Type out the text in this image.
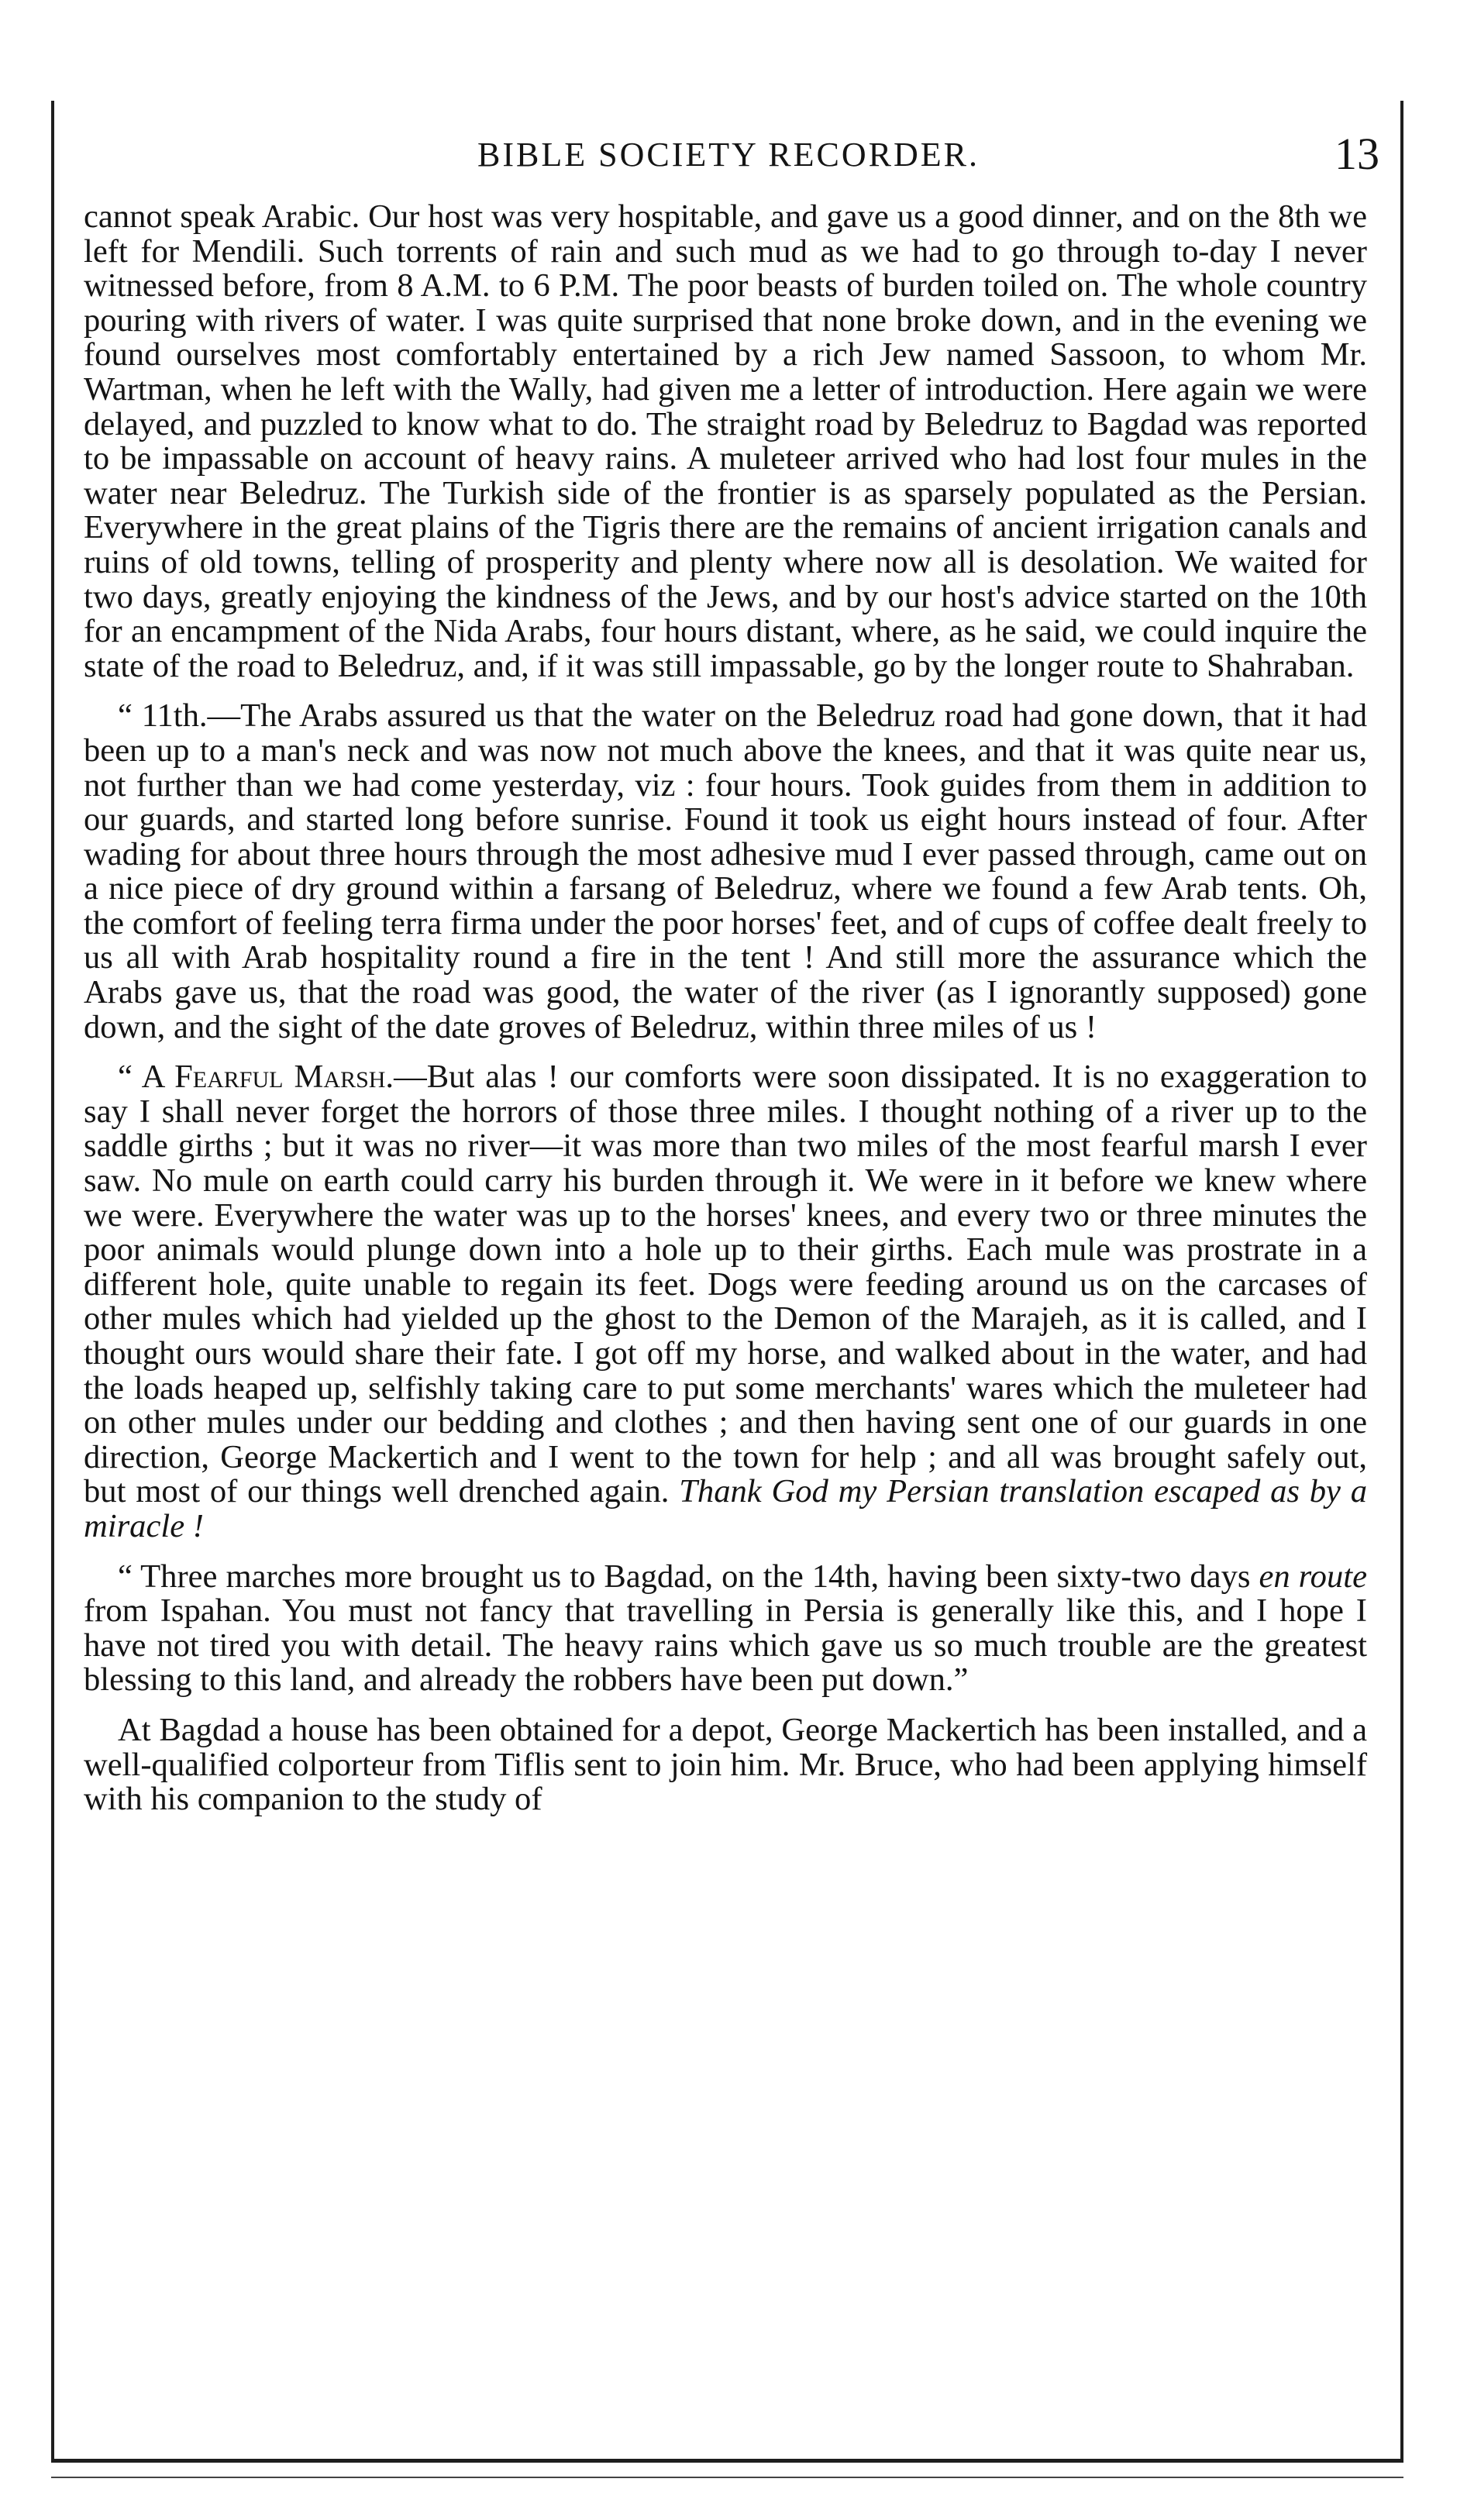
BIBLE SOCIETY RECORDER.	13

cannot speak Arabic. Our host was very hospitable, and gave us a good dinner, and on the 8th we left for Mendili. Such torrents of rain and such mud as we had to go through to-day I never witnessed before, from 8 A.M. to 6 P.M. The poor beasts of burden toiled on. The whole country pouring with rivers of water. I was quite surprised that none broke down, and in the evening we found ourselves most comfortably entertained by a rich Jew named Sassoon, to whom Mr. Wartman, when he left with the Wally, had given me a letter of introduction. Here again we were delayed, and puzzled to know what to do. The straight road by Beledruz to Bagdad was reported to be impassable on account of heavy rains. A muleteer arrived who had lost four mules in the water near Beledruz. The Turkish side of the frontier is as sparsely populated as the Persian. Everywhere in the great plains of the Tigris there are the remains of ancient irrigation canals and ruins of old towns, telling of prosperity and plenty where now all is desolation. We waited for two days, greatly enjoying the kindness of the Jews, and by our host's advice started on the 10th for an encampment of the Nida Arabs, four hours distant, where, as he said, we could inquire the state of the road to Beledruz, and, if it was still impassable, go by the longer route to Shahraban.

“ 11th.—The Arabs assured us that the water on the Beledruz road had gone down, that it had been up to a man's neck and was now not much above the knees, and that it was quite near us, not further than we had come yesterday, viz : four hours. Took guides from them in addition to our guards, and started long before sunrise. Found it took us eight hours instead of four. After wading for about three hours through the most adhesive mud I ever passed through, came out on a nice piece of dry ground within a farsang of Beledruz, where we found a few Arab tents. Oh, the comfort of feeling terra firma under the poor horses' feet, and of cups of coffee dealt freely to us all with Arab hospitality round a fire in the tent ! And still more the assurance which the Arabs gave us, that the road was good, the water of the river (as I ignorantly supposed) gone down, and the sight of the date groves of Beledruz, within three miles of us !

“ A Fearful Marsh.—But alas ! our comforts were soon dissipated. It is no exaggeration to say I shall never forget the horrors of those three miles. I thought nothing of a river up to the saddle girths ; but it was no river—it was more than two miles of the most fearful marsh I ever saw. No mule on earth could carry his burden through it. We were in it before we knew where we were. Everywhere the water was up to the horses' knees, and every two or three minutes the poor animals would plunge down into a hole up to their girths. Each mule was prostrate in a different hole, quite unable to regain its feet. Dogs were feeding around us on the carcases of other mules which had yielded up the ghost to the Demon of the Marajeh, as it is called, and I thought ours would share their fate. I got off my horse, and walked about in the water, and had the loads heaped up, selfishly taking care to put some merchants' wares which the muleteer had on other mules under our bedding and clothes ; and then having sent one of our guards in one direction, George Mackertich and I went to the town for help ; and all was brought safely out, but most of our things well drenched again. Thank God my Persian translation escaped as by a miracle !

“ Three marches more brought us to Bagdad, on the 14th, having been sixty-two days en route from Ispahan. You must not fancy that travelling in Persia is generally like this, and I hope I have not tired you with detail. The heavy rains which gave us so much trouble are the greatest blessing to this land, and already the robbers have been put down.”

At Bagdad a house has been obtained for a depot, George Mackertich has been installed, and a well-qualified colporteur from Tiflis sent to join him. Mr. Bruce, who had been applying himself with his companion to the study of
